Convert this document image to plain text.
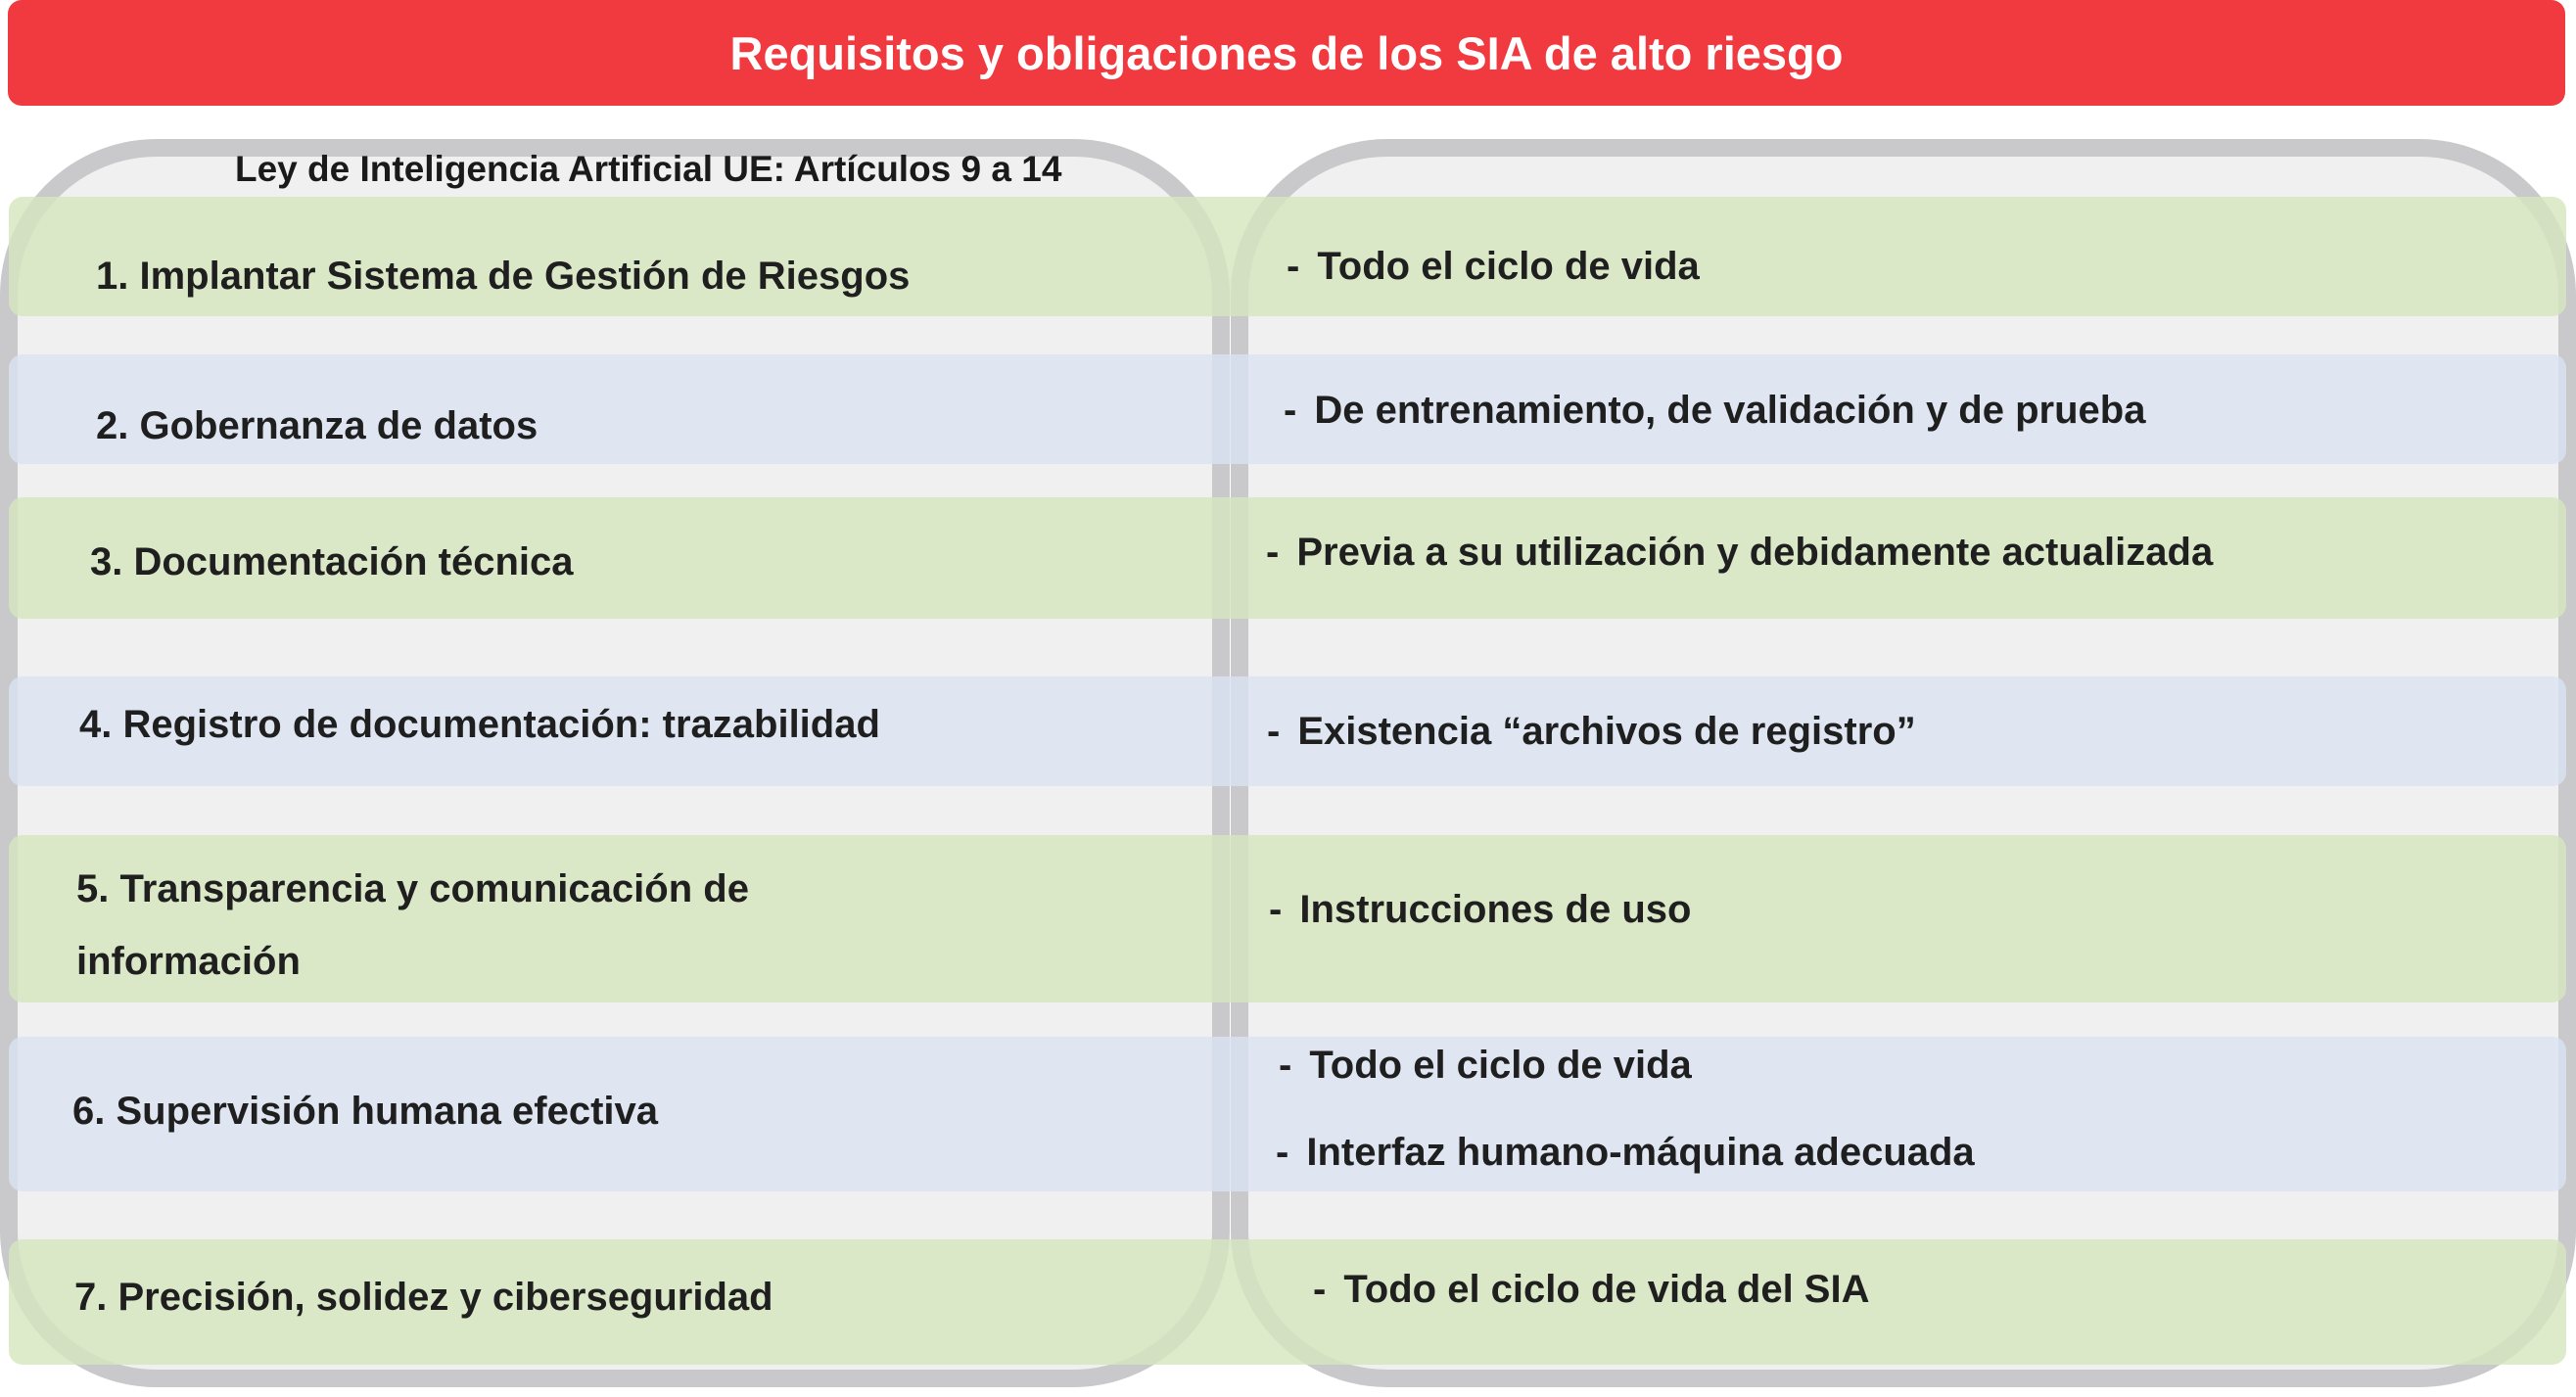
Requisitos y obligaciones de los SIA de alto riesgo
Ley de Inteligencia Artificial UE: Artículos 9 a 14
1. Implantar Sistema de Gestión de Riesgos
2. Gobernanza de datos
3. Documentación técnica
4. Registro de documentación: trazabilidad
5. Transparencia y comunicación de información
6. Supervisión humana efectiva
7. Precisión, solidez y ciberseguridad
- Todo el ciclo de vida
- De entrenamiento, de validación y de prueba
- Previa a su utilización y debidamente actualizada
- Existencia “archivos de registro”
- Instrucciones de uso
- Todo el ciclo de vida
- Interfaz humano-máquina adecuada
- Todo el ciclo de vida del SIA
